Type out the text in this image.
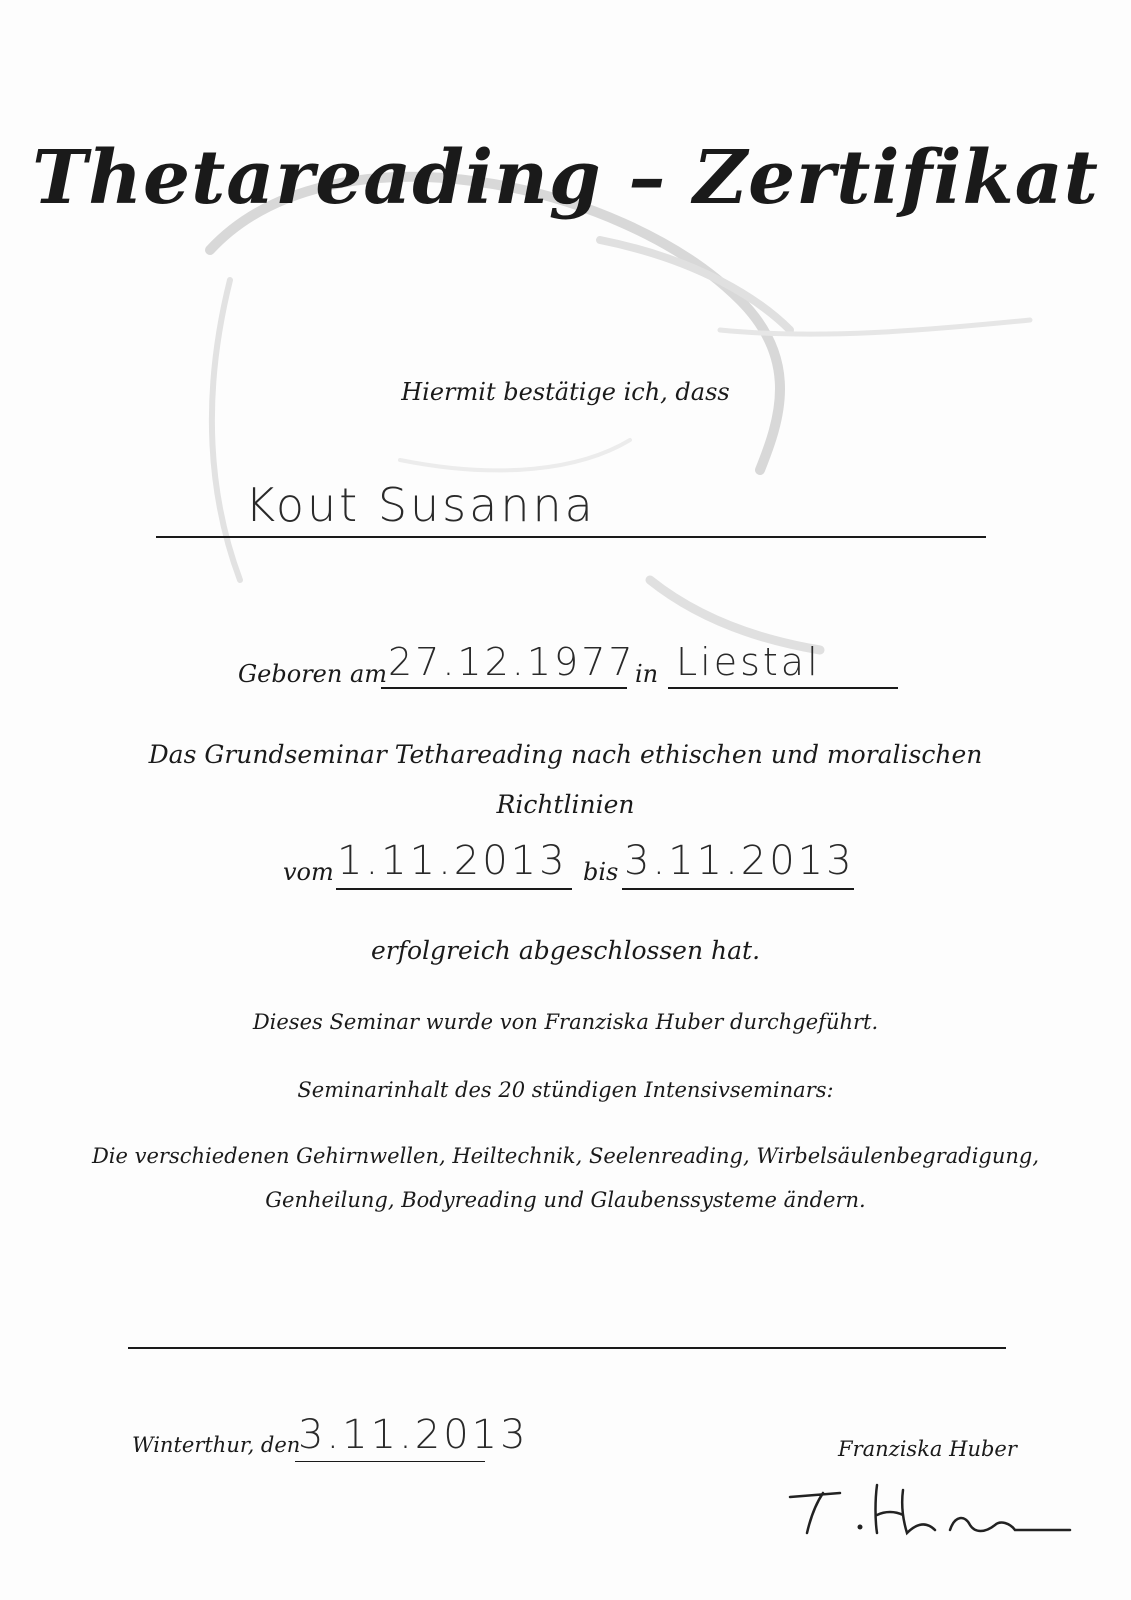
Thetareading – Zertifikat
Hiermit bestätige ich, dass
Kout Susanna
Geboren am 27.12.1977 in Liestal
Das Grundseminar Tethareading nach ethischen und moralischen
Richtlinien
vom 1.11.2013 bis 3.11.2013
erfolgreich abgeschlossen hat.
Dieses Seminar wurde von Franziska Huber durchgeführt.
Seminarinhalt des 20 stündigen Intensivseminars:
Die verschiedenen Gehirnwellen, Heiltechnik, Seelenreading, Wirbelsäulenbegradigung,
Genheilung, Bodyreading und Glaubenssysteme ändern.
Winterthur, den
3.11.2013	Franziska Huber
